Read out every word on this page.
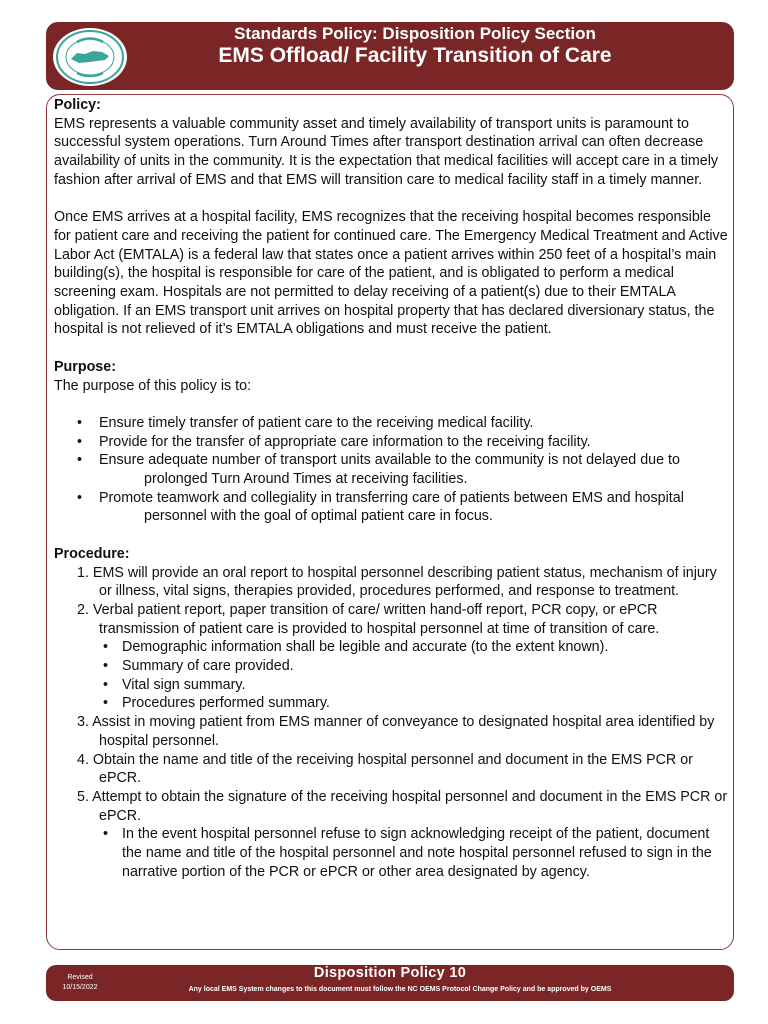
Standards Policy: Disposition Policy Section
EMS Offload/ Facility Transition of Care

Policy:

EMS represents a valuable community asset and timely availability of transport units is paramount to successful system operations. Turn Around Times after transport destination arrival can often decrease availability of units in the community. It is the expectation that medical facilities will accept care in a timely fashion after arrival of EMS and that EMS will transition care to medical facility staff in a timely manner.

Once EMS arrives at a hospital facility, EMS recognizes that the receiving hospital becomes responsible for patient care and receiving the patient for continued care. The Emergency Medical Treatment and Active Labor Act (EMTALA) is a federal law that states once a patient arrives within 250 feet of a hospital’s main building(s), the hospital is responsible for care of the patient, and is obligated to perform a medical screening exam. Hospitals are not permitted to delay receiving of a patient(s) due to their EMTALA obligation. If an EMS transport unit arrives on hospital property that has declared diversionary status, the hospital is not relieved of it’s EMTALA obligations and must receive the patient.

Purpose:

The purpose of this policy is to:

• Ensure timely transfer of patient care to the receiving medical facility.
• Provide for the transfer of appropriate care information to the receiving facility.
• Ensure adequate number of transport units available to the community is not delayed due to
prolonged Turn Around Times at receiving facilities.
• Promote teamwork and collegiality in transferring care of patients between EMS and hospital
personnel with the goal of optimal patient care in focus.

Procedure:

1. EMS will provide an oral report to hospital personnel describing patient status, mechanism of injury or illness, vital signs, therapies provided, procedures performed, and response to treatment.
2. Verbal patient report, paper transition of care/ written hand-off report, PCR copy, or ePCR transmission of patient care is provided to hospital personnel at time of transition of care.
• Demographic information shall be legible and accurate (to the extent known).
• Summary of care provided.
• Vital sign summary.
• Procedures performed summary.
3. Assist in moving patient from EMS manner of conveyance to designated hospital area identified by hospital personnel.
4. Obtain the name and title of the receiving hospital personnel and document in the EMS PCR or ePCR.
5. Attempt to obtain the signature of the receiving hospital personnel and document in the EMS PCR or ePCR.
• In the event hospital personnel refuse to sign acknowledging receipt of the patient, document the name and title of the hospital personnel and note hospital personnel refused to sign in the narrative portion of the PCR or ePCR or other area designated by agency.
Revised
10/15/2022
Disposition Policy 10
Any local EMS System changes to this document must follow the NC OEMS Protocol Change Policy and be approved by OEMS
